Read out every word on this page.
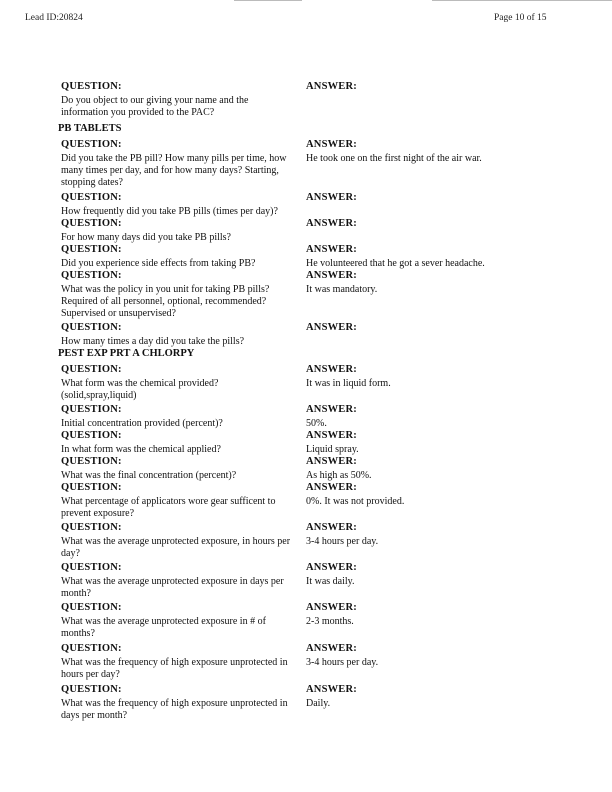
Lead ID:20824	Page 10 of 15
QUESTION:
Do you object to our giving your name and the information you provided to the PAC?
ANSWER:
PB TABLETS
QUESTION:
Did you take the PB pill? How many pills per time, how many times per day, and for how many days? Starting, stopping dates?
ANSWER:
He took one on the first night of the air war.
QUESTION:
How frequently did you take PB pills (times per day)?
ANSWER:
QUESTION:
For how many days did you take PB pills?
ANSWER:
QUESTION:
Did you experience side effects from taking PB?
ANSWER:
He volunteered that he got a sever headache.
QUESTION:
What was the policy in you unit for taking PB pills? Required of all personnel, optional, recommended? Supervised or unsupervised?
ANSWER:
It was mandatory.
QUESTION:
How many times a day did you take the pills?
ANSWER:
PEST EXP PRT A CHLORPY
QUESTION:
What form was the chemical provided?(solid,spray,liquid)
ANSWER:
It was in liquid form.
QUESTION:
Initial concentration provided (percent)?
ANSWER:
50%.
QUESTION:
In what form was the chemical applied?
ANSWER:
Liquid spray.
QUESTION:
What was the final concentration (percent)?
ANSWER:
As high as 50%.
QUESTION:
What percentage of applicators wore gear sufficent to prevent exposure?
ANSWER:
0%. It was not provided.
QUESTION:
What was the average unprotected exposure, in hours per day?
ANSWER:
3-4 hours per day.
QUESTION:
What was the average unprotected exposure in days per month?
ANSWER:
It was daily.
QUESTION:
What was the average unprotected exposure in # of months?
ANSWER:
2-3 months.
QUESTION:
What was the frequency of high exposure unprotected in hours per day?
ANSWER:
3-4 hours per day.
QUESTION:
What was the frequency of high exposure unprotected in days per month?
ANSWER:
Daily.
